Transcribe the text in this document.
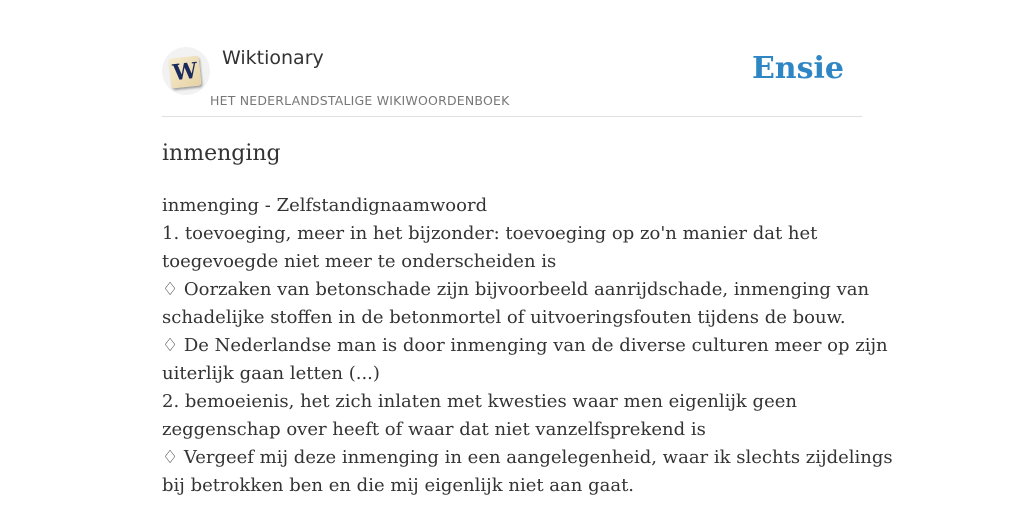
W Wiktionary
HET NEDERLANDSTALIGE WIKIWOORDENBOEK
Ensie
inmenging
inmenging - Zelfstandignaamwoord
1. toevoeging, meer in het bijzonder: toevoeging op zo'n manier dat het
toegevoegde niet meer te onderscheiden is
♢ Oorzaken van betonschade zijn bijvoorbeeld aanrijdschade, inmenging van
schadelijke stoffen in de betonmortel of uitvoeringsfouten tijdens de bouw.
♢ De Nederlandse man is door inmenging van de diverse culturen meer op zijn
uiterlijk gaan letten (...)
2. bemoeienis, het zich inlaten met kwesties waar men eigenlijk geen
zeggenschap over heeft of waar dat niet vanzelfsprekend is
♢ Vergeef mij deze inmenging in een aangelegenheid, waar ik slechts zijdelings
bij betrokken ben en die mij eigenlijk niet aan gaat.
